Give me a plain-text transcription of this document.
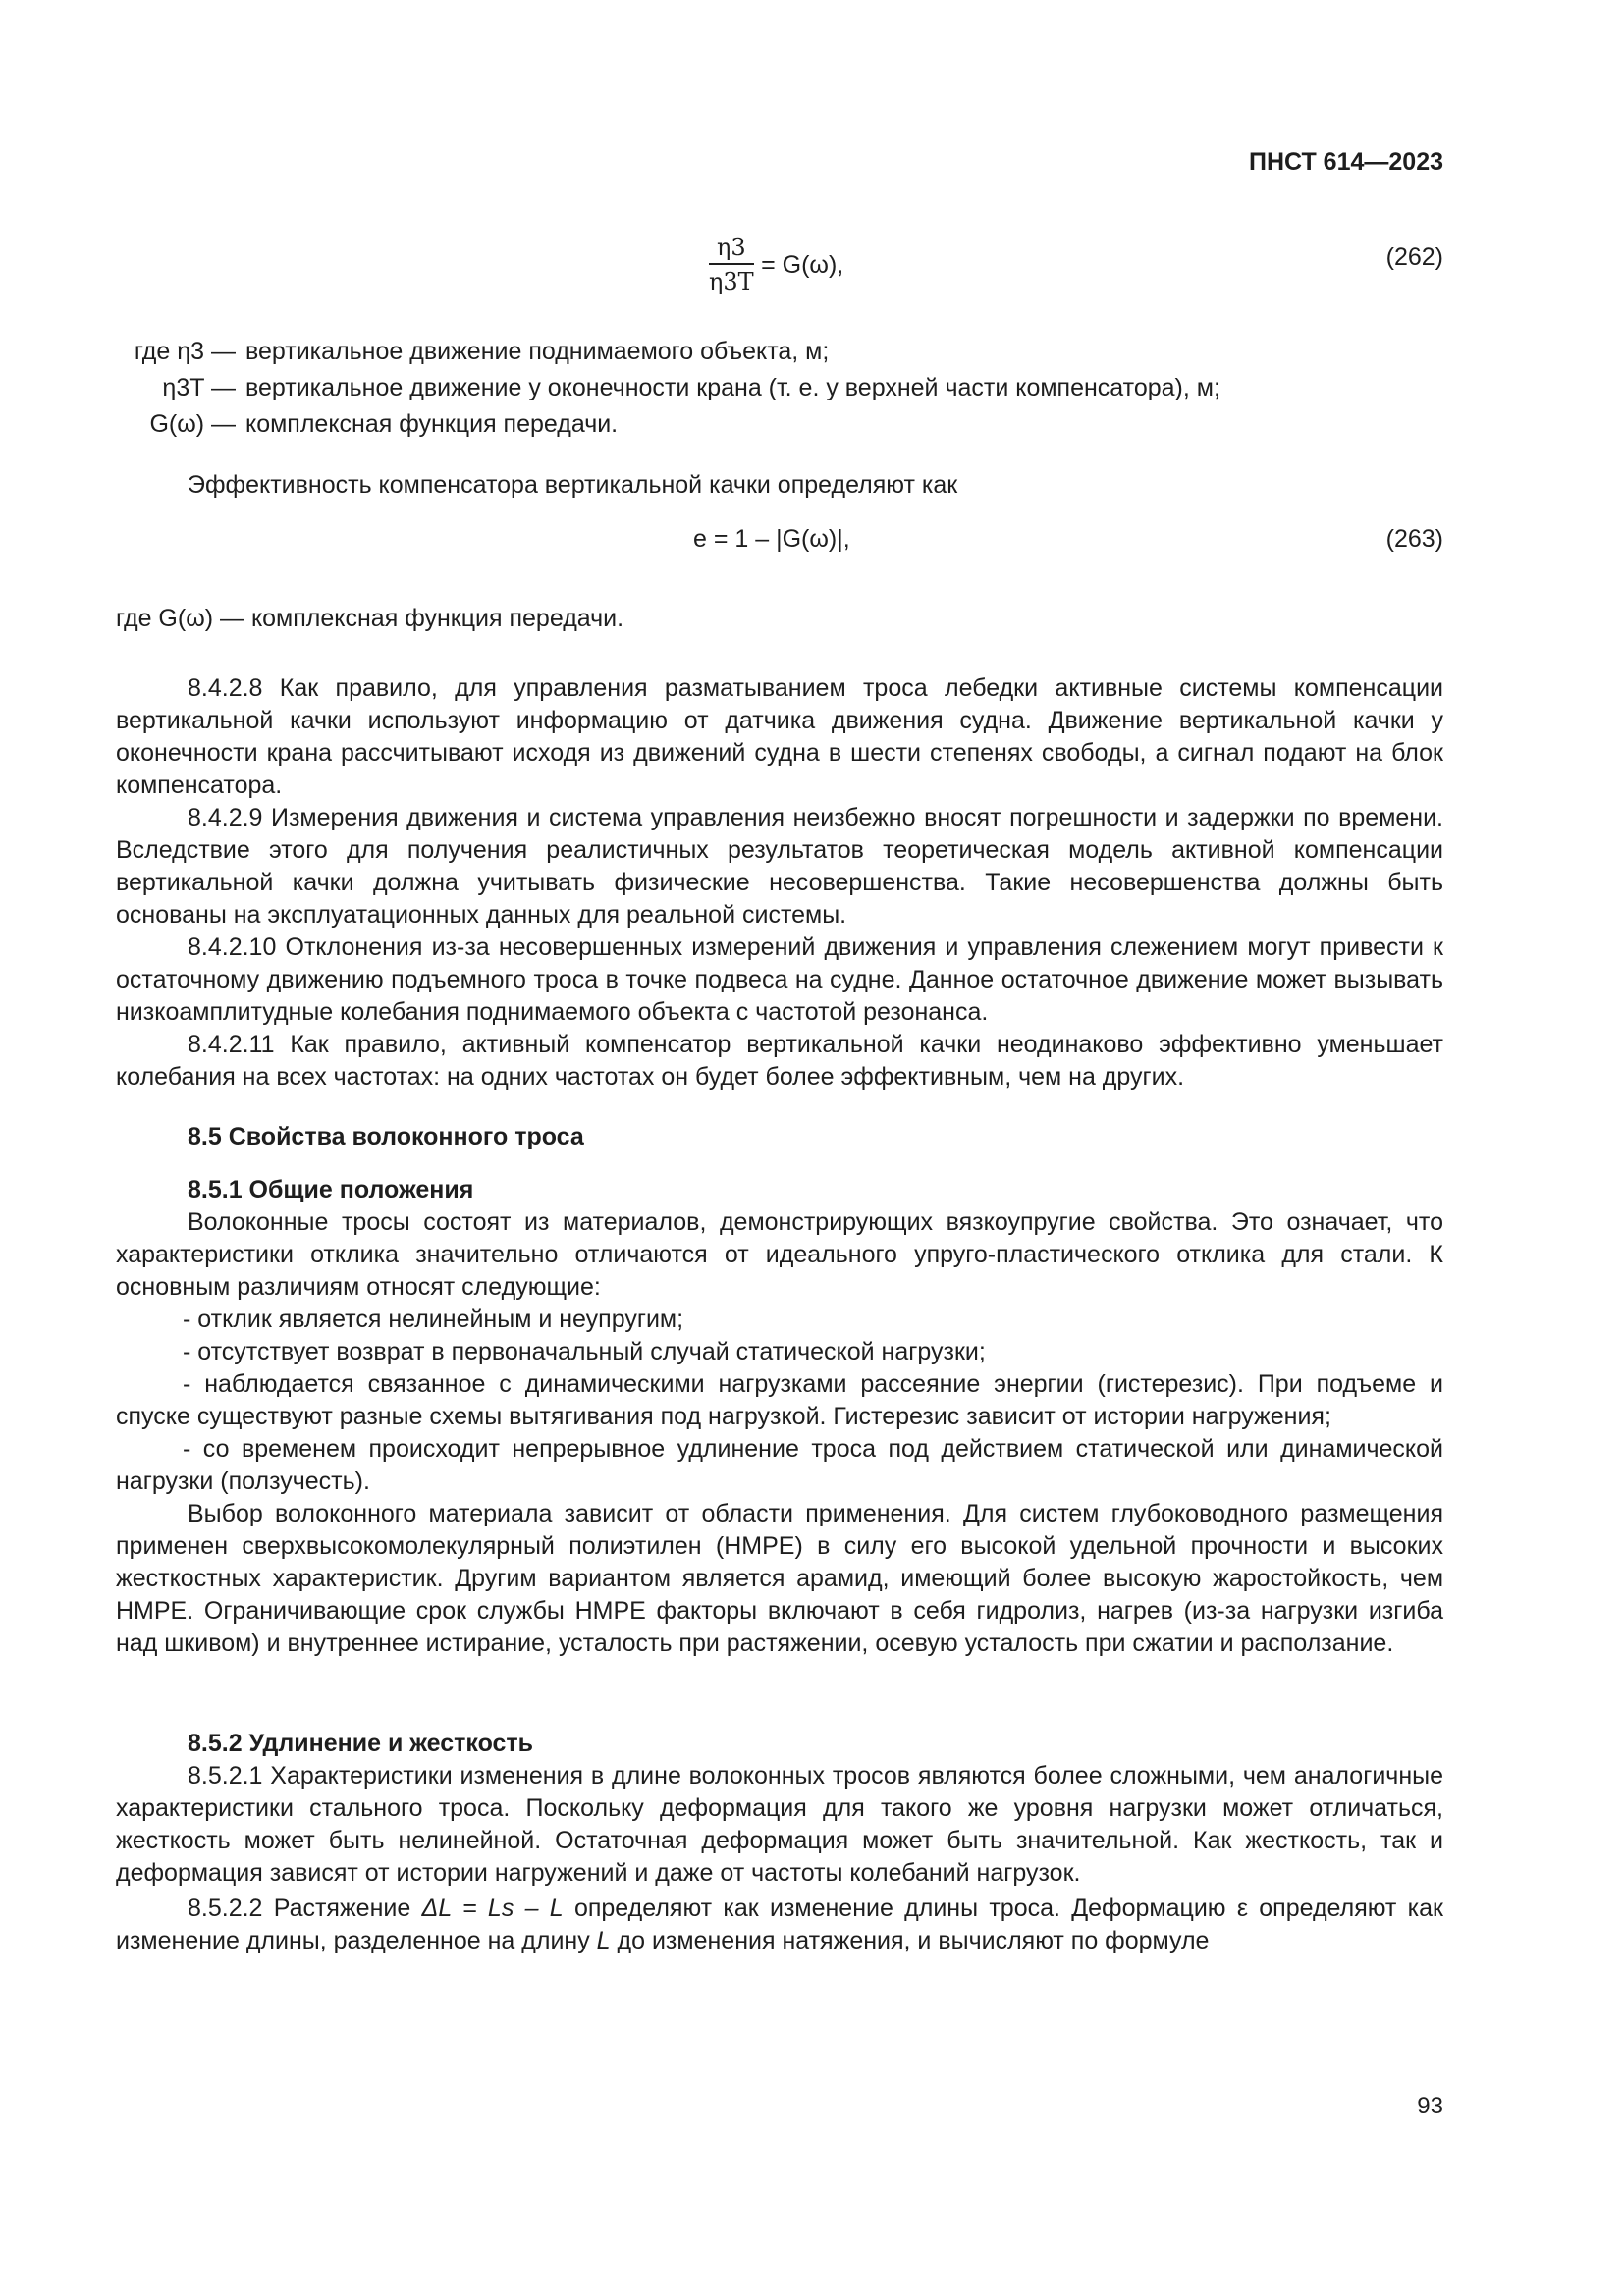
ПНСТ 614—2023
$\frac{\eta 3}{\eta 3T} = G(\omega)$,	(262)
где η3 — вертикальное движение поднимаемого объекта, м;
η3T — вертикальное движение у оконечности крана (т. е. у верхней части компенсатора), м;
G(ω) — комплексная функция передачи.
Эффективность компенсатора вертикальной качки определяют как
e = 1 – |G(ω)|,	(263)
где G(ω) — комплексная функция передачи.

8.4.2.8 Как правило, для управления разматыванием троса лебедки активные системы компенсации вертикальной качки используют информацию от датчика движения судна. Движение вертикальной качки у оконечности крана рассчитывают исходя из движений судна в шести степенях свободы, а сигнал подают на блок компенсатора.

8.4.2.9 Измерения движения и система управления неизбежно вносят погрешности и задержки по времени. Вследствие этого для получения реалистичных результатов теоретическая модель активной компенсации вертикальной качки должна учитывать физические несовершенства. Такие несовершенства должны быть основаны на эксплуатационных данных для реальной системы.

8.4.2.10 Отклонения из-за несовершенных измерений движения и управления слежением могут привести к остаточному движению подъемного троса в точке подвеса на судне. Данное остаточное движение может вызывать низкоамплитудные колебания поднимаемого объекта с частотой резонанса.

8.4.2.11 Как правило, активный компенсатор вертикальной качки неодинаково эффективно уменьшает колебания на всех частотах: на одних частотах он будет более эффективным, чем на других.

8.5 Свойства волоконного троса
8.5.1 Общие положения

Волоконные тросы состоят из материалов, демонстрирующих вязкоупругие свойства. Это означает, что характеристики отклика значительно отличаются от идеального упруго-пластического отклика для стали. К основным различиям относят следующие:

- отклик является нелинейным и неупругим;

- отсутствует возврат в первоначальный случай статической нагрузки;

- наблюдается связанное с динамическими нагрузками рассеяние энергии (гистерезис). При подъеме и спуске существуют разные схемы вытягивания под нагрузкой. Гистерезис зависит от истории нагружения;

- со временем происходит непрерывное удлинение троса под действием статической или динамической нагрузки (ползучесть).

Выбор волоконного материала зависит от области применения. Для систем глубоководного размещения применен сверхвысокомолекулярный полиэтилен (HMPE) в силу его высокой удельной прочности и высоких жесткостных характеристик. Другим вариантом является арамид, имеющий более высокую жаростойкость, чем HMPE. Ограничивающие срок службы HMPE факторы включают в себя гидролиз, нагрев (из-за нагрузки изгиба над шкивом) и внутреннее истирание, усталость при растяжении, осевую усталость при сжатии и расползание.

8.5.2 Удлинение и жесткость

8.5.2.1 Характеристики изменения в длине волоконных тросов являются более сложными, чем аналогичные характеристики стального троса. Поскольку деформация для такого же уровня нагрузки может отличаться, жесткость может быть нелинейной. Остаточная деформация может быть значительной. Как жесткость, так и деформация зависят от истории нагружений и даже от частоты колебаний нагрузок.

8.5.2.2 Растяжение ΔL = Ls – L определяют как изменение длины троса. Деформацию ε определяют как изменение длины, разделенное на длину L до изменения натяжения, и вычисляют по формуле

93
